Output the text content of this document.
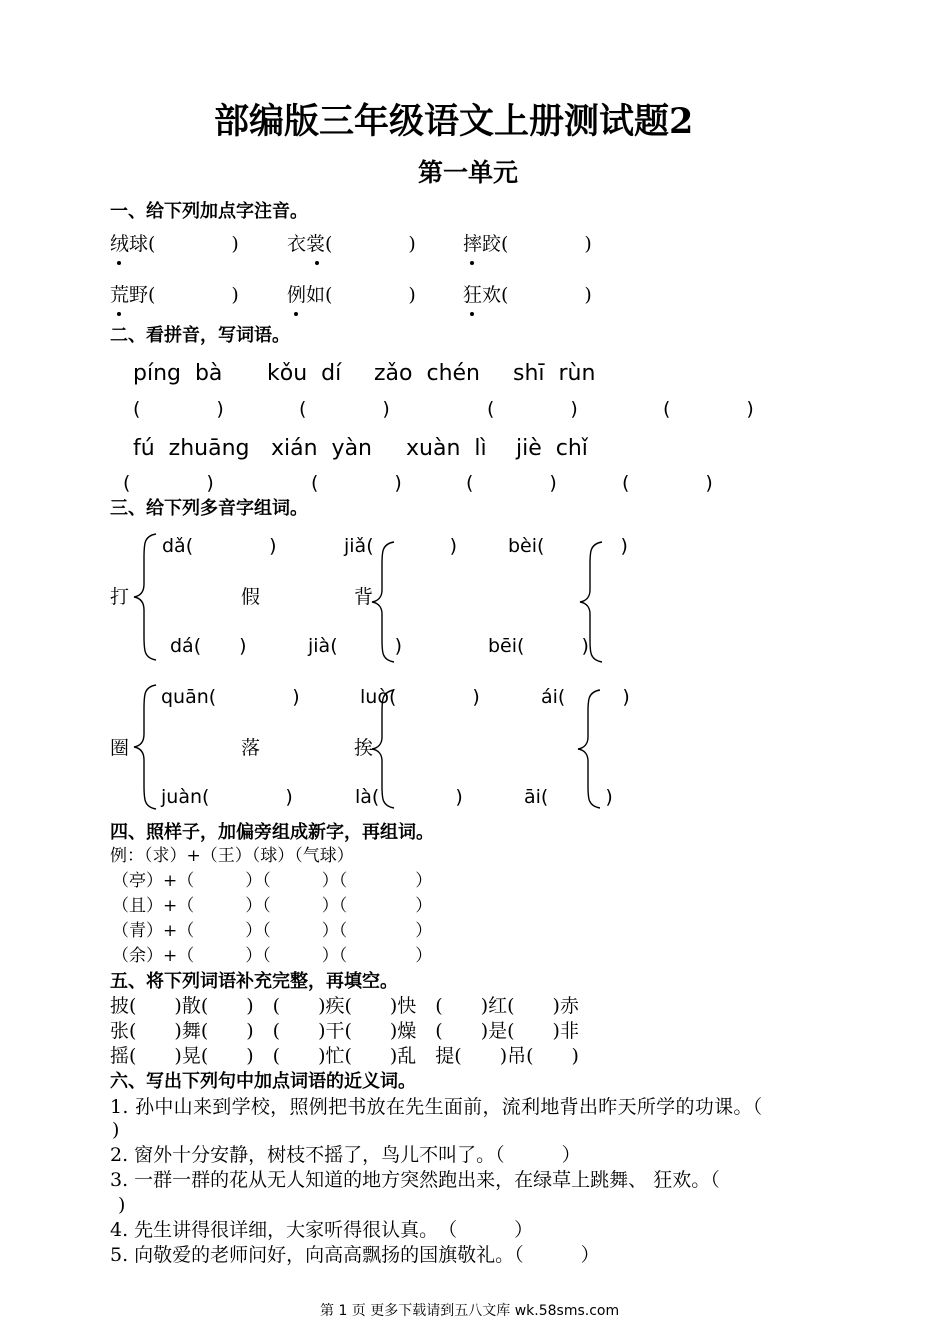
部编版三年级语文上册测试题2
第一单元
一、给下列加点字注音。
绒球(　　　　)	衣裳(　　　　) 摔跤(　　　　)
荒野(　　　　)	例如(　　　　) 狂欢(　　　　)
二、看拼音，写词语。
píng  bà kǒu  dí zǎo  chén shī  rùn
(　　　　)	(　　　　)	(　　　　)	(　　　　)
fú  zhuāng xián  yàn xuàn  lì jiè  chǐ
(　　　　)	(　　　　)	(　　　　)	(　　　　)
三、给下列多音字组词。
dǎ(　　　　)	jiǎ(　　　　)	bèi(　　　　)
打	假	背
dá(　　)	jià(　　　)	bēi(　　　)
quān(　　　　)	luò(　　　　)	ái(　　　)
圈	落	挨
juàn(　　　　)	là(　　　　)	āi(　　　)
四、照样子，加偏旁组成新字，再组词。
例：（求）+（王）（球）（气球）
（亭）+（　　　）（　　　）（　　　　）
（且）+（　　　）（　　　）（　　　　）
（青）+（　　　）（　　　）（　　　　）
（余）+（　　　）（　　　）（　　　　）
五、将下列词语补充完整，再填空。
披(　　)散(　　)　(　　)疾(　　)快　(　　)红(　　)赤
张(　　)舞(　　)　(　　)干(　　)燥　(　　)是(　　)非
摇(　　)晃(　　)　(　　)忙(　　)乱　提(　　)吊(　　)
六、写出下列句中加点词语的近义词。
1. 孙中山来到学校，照例把书放在先生面前，流利地背出昨天所学的功课。（
)
2. 窗外十分安静，树枝不摇了，鸟儿不叫了。（　　　）
3. 一群一群的花从无人知道的地方突然跑出来，在绿草上跳舞、 狂欢。（
)
4. 先生讲得很详细，大家听得很认真。　（　　　）
5. 向敬爱的老师问好，向高高飘扬的国旗敬礼。（　　　）
第 1 页 更多下载请到五八文库 wk.58sms.com
